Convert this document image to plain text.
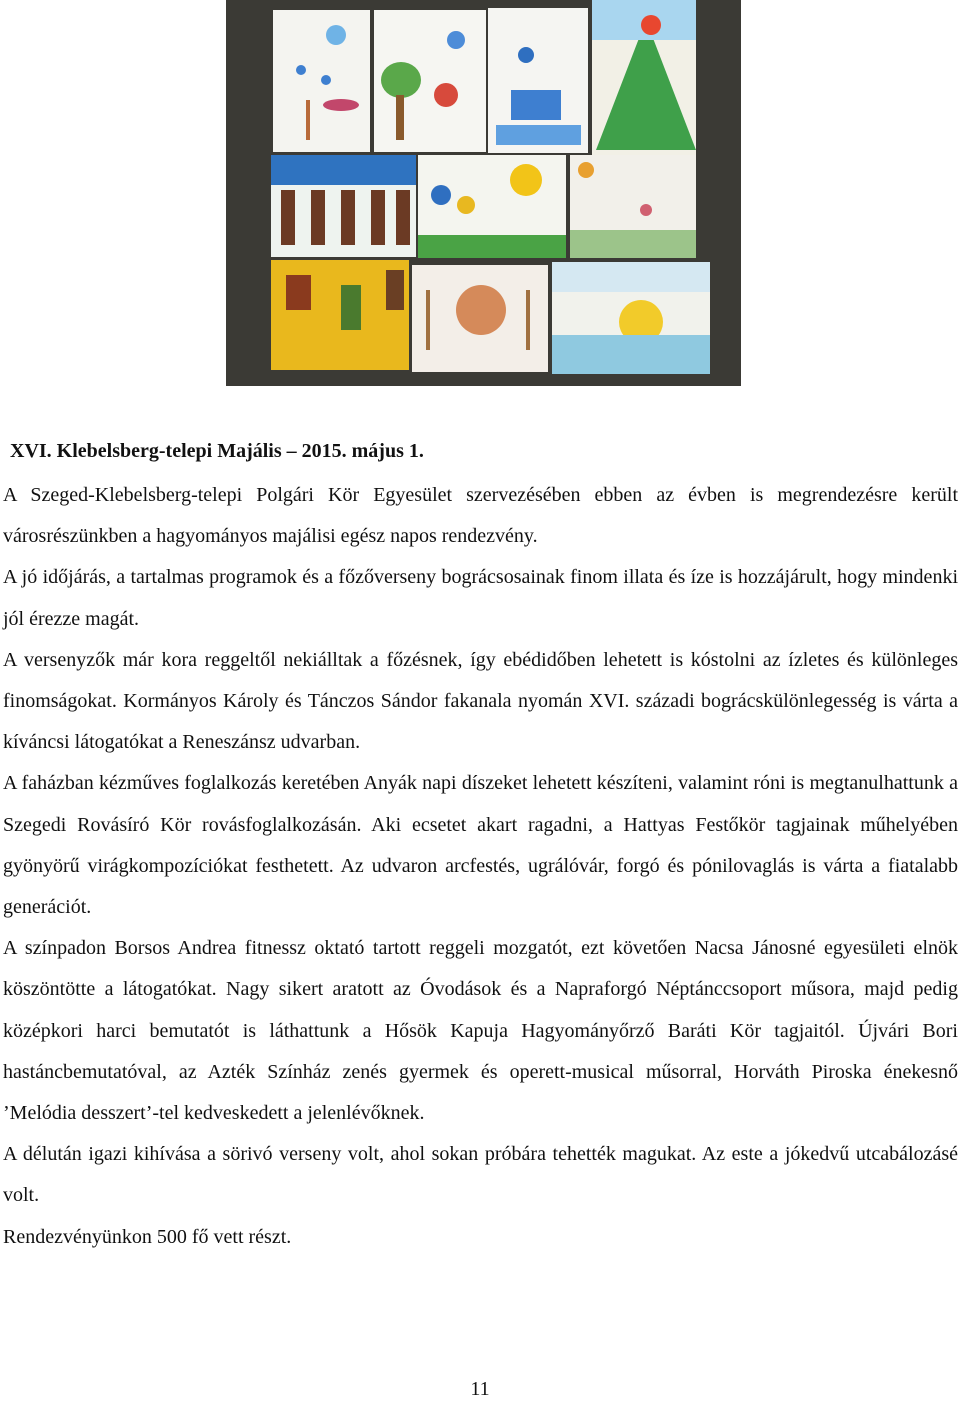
XVI. Klebelsberg-telepi Majális – 2015. május 1.

A Szeged-Klebelsberg-telepi Polgári Kör Egyesület szervezésében ebben az évben is megrendezésre került városrészünkben a hagyományos majálisi egész napos rendezvény.

A jó időjárás, a tartalmas programok és a főzőverseny bográcsosainak finom illata és íze is hozzájárult, hogy mindenki jól érezze magát.

A versenyzők már kora reggeltől nekiálltak a főzésnek, így ebédidőben lehetett is kóstolni az ízletes és különleges finomságokat. Kormányos Károly és Tánczos Sándor fakanala nyomán XVI. századi bográcskülönlegesség is várta a kíváncsi látogatókat a Reneszánsz udvarban.

A faházban kézműves foglalkozás keretében Anyák napi díszeket lehetett készíteni, valamint róni is megtanulhattunk a Szegedi Rovásíró Kör rovásfoglalkozásán. Aki ecsetet akart ragadni, a Hattyas Festőkör tagjainak műhelyében gyönyörű virágkompozíciókat festhetett. Az udvaron arcfestés, ugrálóvár, forgó és pónilovaglás is várta a fiatalabb generációt.

A színpadon Borsos Andrea fitnessz oktató tartott reggeli mozgatót, ezt követően Nacsa Jánosné egyesületi elnök köszöntötte a látogatókat. Nagy sikert aratott az Óvodások és a Napraforgó Néptánccsoport műsora, majd pedig középkori harci bemutatót is láthattunk a Hősök Kapuja Hagyományőrző Baráti Kör tagjaitól. Újvári Bori hastáncbemutatóval, az Azték Színház zenés gyermek és operett-musical műsorral, Horváth Piroska énekesnő ’Melódia desszert’-tel kedveskedett a jelenlévőknek.

A délután igazi kihívása a sörivó verseny volt, ahol sokan próbára tehették magukat. Az este a jókedvű utcabálozásé volt.

Rendezvényünkon 500 fő vett részt.

11
